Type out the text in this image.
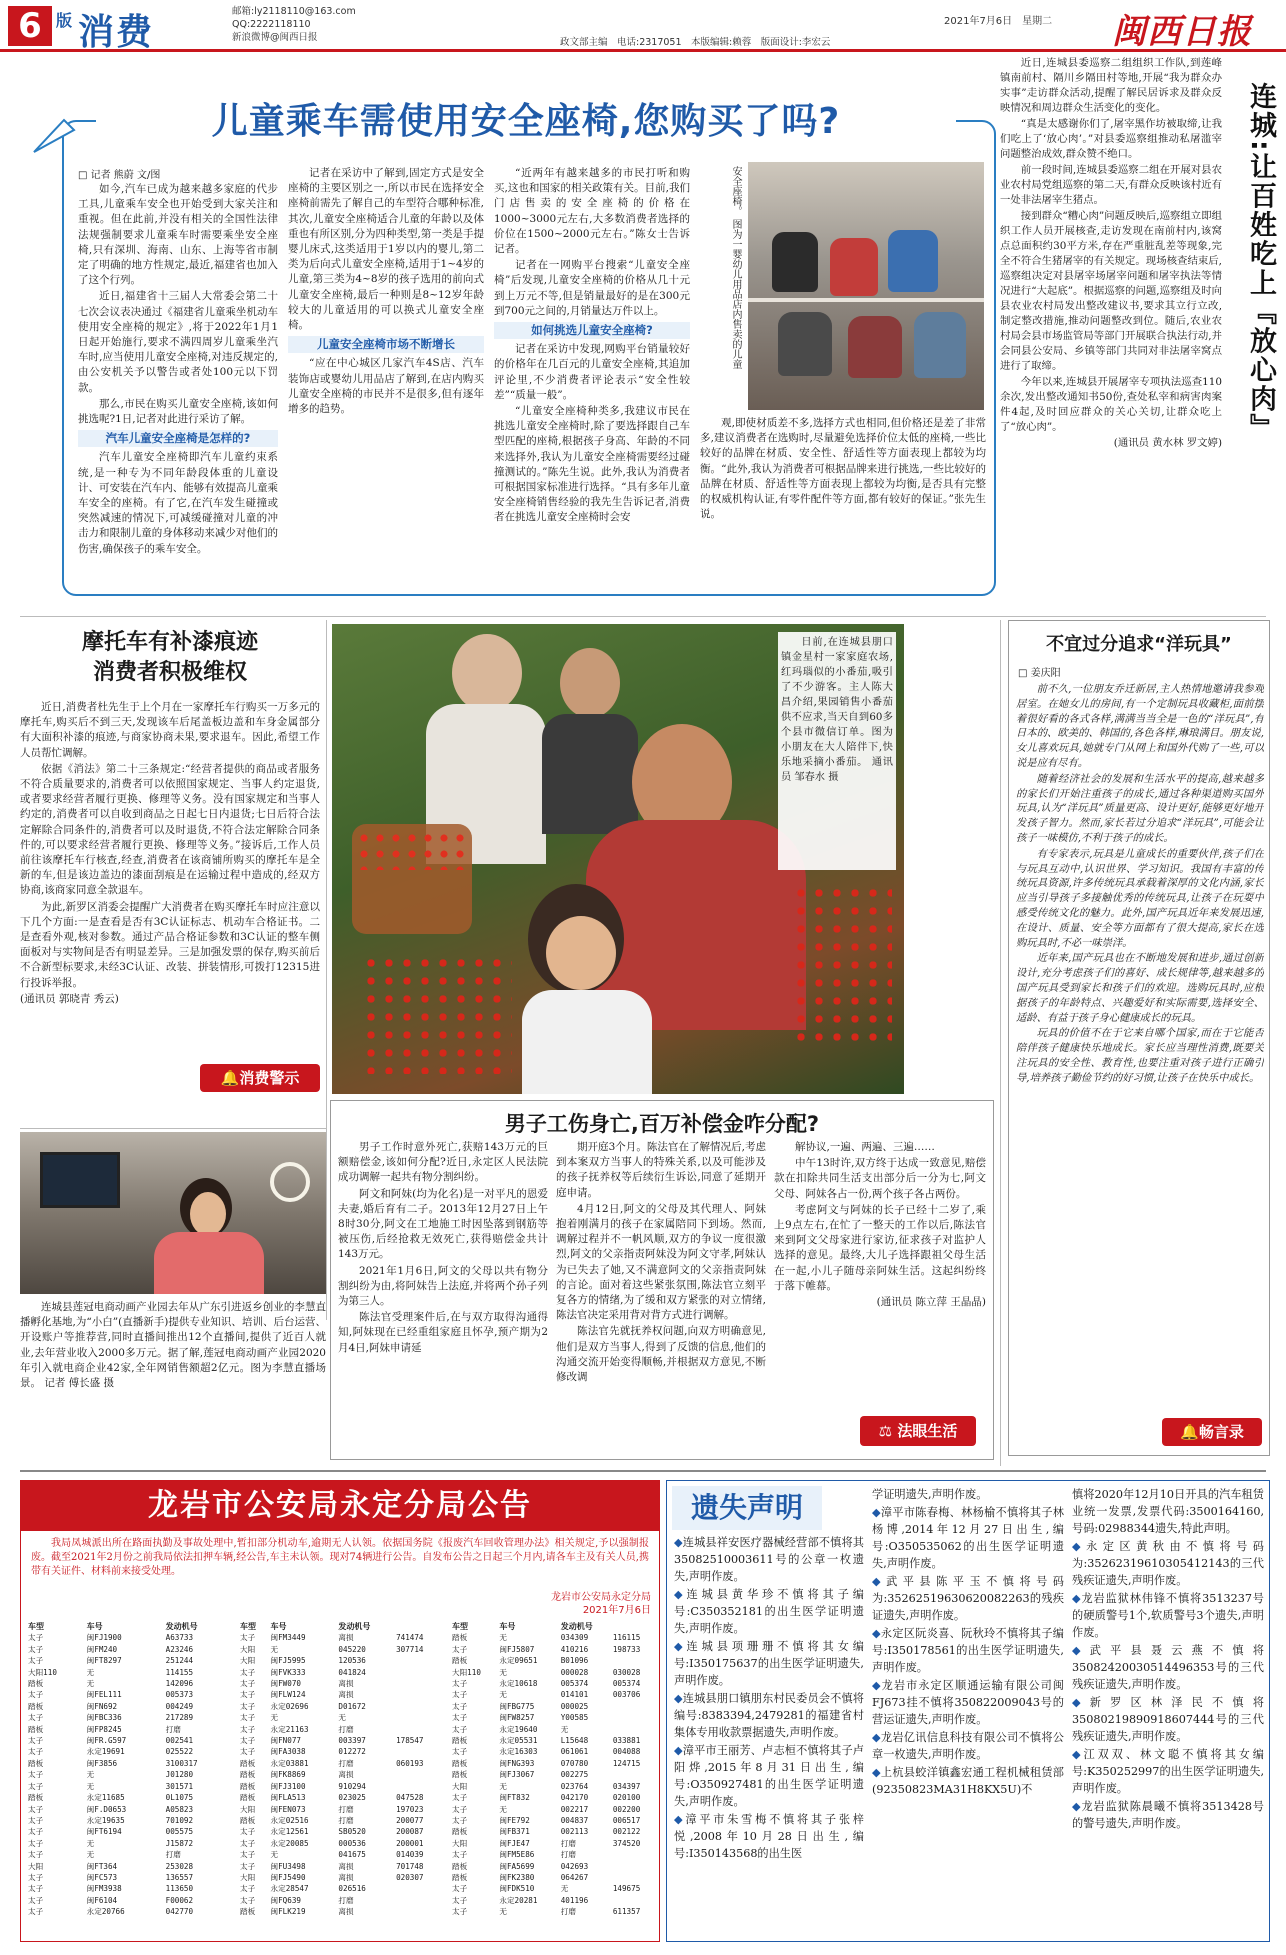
6 版 消费
邮箱:ly2118110@163.com
QQ:2222118110
新浪微博@闽西日报	政文部主编　电话:2317051　本版编辑:赖蓉　版面设计:李宏云
2021年7月6日　星期二 闽西日报
儿童乘车需使用安全座椅,您购买了吗?
□ 记者 熊蔚 文/图

如今,汽车已成为越来越多家庭的代步工具,儿童乘车安全也开始受到大家关注和重视。但在此前,并没有相关的全国性法律法规强制要求儿童乘车时需要乘坐安全座椅,只有深圳、海南、山东、上海等省市制定了明确的地方性规定,最近,福建省也加入了这个行列。

近日,福建省十三届人大常委会第二十七次会议表决通过《福建省儿童乘坐机动车使用安全座椅的规定》,将于2022年1月1日起开始施行,要求不满四周岁儿童乘坐汽车时,应当使用儿童安全座椅,对违反规定的,由公安机关予以警告或者处100元以下罚款。

那么,市民在购买儿童安全座椅,该如何挑选呢?1日,记者对此进行采访了解。

汽车儿童安全座椅是怎样的?

汽车儿童安全座椅即汽车儿童约束系统,是一种专为不同年龄段体重的儿童设计、可安装在汽车内、能够有效提高儿童乘车安全的座椅。有了它,在汽车发生碰撞或突然减速的情况下,可减缓碰撞对儿童的冲击力和限制儿童的身体移动来减少对他们的伤害,确保孩子的乘车安全。

记者在采访中了解到,固定方式是安全座椅的主要区别之一,所以市民在选择安全座椅前需先了解自己的车型符合哪种标准,其次,儿童安全座椅适合儿童的年龄以及体重也有所区别,分为四种类型,第一类是手提婴儿床式,这类适用于1岁以内的婴儿,第二类为后向式儿童安全座椅,适用于1~4岁的儿童,第三类为4~8岁的孩子选用的前向式儿童安全座椅,最后一种则是8~12岁年龄较大的儿童适用的可以换式儿童安全座椅。

儿童安全座椅市场不断增长

“应在中心城区几家汽车4S店、汽车装饰店或婴幼儿用品店了解到,在店内购买儿童安全座椅的市民并不是很多,但有逐年增多的趋势。

“近两年有越来越多的市民打听和购买,这也和国家的相关政策有关。目前,我们门店售卖的安全座椅的价格在1000~3000元左右,大多数消费者选择的价位在1500~2000元左右。”陈女士告诉记者。

记者在一网购平台搜索“儿童安全座椅”后发现,儿童安全座椅的价格从几十元到上万元不等,但是销量最好的是在300元到700元之间的,月销量达万件以上。

如何挑选儿童安全座椅?

记者在采访中发现,网购平台销量较好的价格年在几百元的儿童安全座椅,其追加评论里,不少消费者评论表示“安全性较差”“质量一般”。

“儿童安全座椅种类多,我建议市民在挑选儿童安全座椅时,除了要选择跟自己车型匹配的座椅,根据孩子身高、年龄的不同来选择外,我认为儿童安全座椅需要经过碰撞测试的。”陈先生说。此外,我认为消费者可根据国家标准进行选择。“具有多年儿童安全座椅销售经验的我先生告诉记者,消费者在挑选儿童安全座椅时会安

观,即使材质差不多,选择方式也相同,但价格还是差了非常多,建议消费者在选购时,尽量避免选择价位太低的座椅,一些比较好的品牌在材质、安全性、舒适性等方面表现上都较为均衡。“此外,我认为消费者可根据品牌来进行挑选,一些比较好的品牌在材质、舒适性等方面表现上都较为均衡,是否具有完整的权威机构认证,有零件配件等方面,都有较好的保证。”张先生说。

安全座椅。 图为一婴幼儿用品店内售卖的儿童

近日,连城县委巡察二组组织工作队,到莲峰镇南前村、隔川乡隔田村等地,开展“我为群众办实事”走访群众活动,提醒了解民居诉求及群众反映情况和周边群众生活变化的变化。

“真是太感谢你们了,屠宰黑作坊被取缔,让我们吃上了‘放心肉’。”对县委巡察组推动私屠滥宰问题整治成效,群众赞不绝口。

前一段时间,连城县委巡察二组在开展对县农业农村局党组巡察的第二天,有群众反映该村近有一处非法屠宰生猪点。

接到群众“糟心肉”问题反映后,巡察组立即组织工作人员开展核查,走访发现在南前村内,该窝点总面积约30平方米,存在严重脏乱差等现象,完全不符合生猪屠宰的有关规定。现场核查结束后,巡察组决定对县屠宰场屠宰问题和屠宰执法等情况进行“大起底”。根据巡察的问题,巡察组及时向县农业农村局发出整改建议书,要求其立行立改,制定整改措施,推动问题整改到位。随后,农业农村局会县市场监管局等部门开展联合执法行动,并会同县公安局、乡镇等部门共同对非法屠宰窝点进行了取缔。

今年以来,连城县开展屠宰专项执法巡查110余次,发出整改通知书50份,查处私宰和病害肉案件4起,及时回应群众的关心关切,让群众吃上了“放心肉”。

(通讯员 黄水林 罗文婷)
连城:让百姓吃上『放心肉』
摩托车有补漆痕迹
消费者积极维权

近日,消费者杜先生于上个月在一家摩托车行购买一万多元的摩托车,购买后不到三天,发现该车后尾盖板边盖和车身金属部分有大面积补漆的痕迹,与商家协商未果,要求退车。因此,希望工作人员帮忙调解。

依据《消法》第二十三条规定:“经营者提供的商品或者服务不符合质量要求的,消费者可以依照国家规定、当事人约定退货,或者要求经营者履行更换、修理等义务。没有国家规定和当事人约定的,消费者可以自收到商品之日起七日内退货;七日后符合法定解除合同条件的,消费者可以及时退货,不符合法定解除合同条件的,可以要求经营者履行更换、修理等义务。”接诉后,工作人员前往该摩托车行核查,经查,消费者在该商铺所购买的摩托车是全新的车,但是该边盖边的漆面刮痕是在运输过程中造成的,经双方协商,该商家同意全款退车。

为此,新罗区消委会提醒广大消费者在购买摩托车时应注意以下几个方面:一是查看是否有3C认证标志、机动车合格证书。二是查看外观,核对参数。通过产品合格证参数和3C认证的整车侧面板对与实物间是否有明显差异。三是加强发票的保存,购买前后不合新型标要求,未经3C认证、改装、拼装情形,可拨打12315进行投诉举报。

(通讯员 郭晓青 秀云)
🔔消费警示
日前,在连城县朋口镇金星村一家家庭农场,红玛瑙似的小番茄,吸引了不少游客。主人陈大昌介绍,果园销售小番茄供不应求,当天自到60多个县市微信订单。图为小朋友在大人陪伴下,快乐地采摘小番茄。 通讯员 邹春水 摄
不宜过分追求“洋玩具”
□ 姜庆阳

前不久,一位朋友乔迁新居,主人热情地邀请我参观居室。在她女儿的房间,有一个定制玩具收藏柜,面前摆着很好看的各式各样,满满当当全是一色的“洋玩具”,有日本的、欧美的、韩国的,各色各样,琳琅满目。朋友说,女儿喜欢玩具,她就专门从网上和国外代购了一些,可以说是应有尽有。

随着经济社会的发展和生活水平的提高,越来越多的家长们开始注重孩子的成长,通过各种渠道购买国外玩具,认为“洋玩具”质量更高、设计更好,能够更好地开发孩子智力。然而,家长若过分追求“洋玩具”,可能会让孩子一味模仿,不利于孩子的成长。

有专家表示,玩具是儿童成长的重要伙伴,孩子们在与玩具互动中,认识世界、学习知识。我国有丰富的传统玩具资源,许多传统玩具承载着深厚的文化内涵,家长应当引导孩子多接触优秀的传统玩具,让孩子在玩耍中感受传统文化的魅力。此外,国产玩具近年来发展迅速,在设计、质量、安全等方面都有了很大提高,家长在选购玩具时,不必一味崇洋。

近年来,国产玩具也在不断地发展和进步,通过创新设计,充分考虑孩子们的喜好、成长规律等,越来越多的国产玩具受到家长和孩子们的欢迎。选购玩具时,应根据孩子的年龄特点、兴趣爱好和实际需要,选择安全、适龄、有益于孩子身心健康成长的玩具。

玩具的价值不在于它来自哪个国家,而在于它能否陪伴孩子健康快乐地成长。家长应当理性消费,既要关注玩具的安全性、教育性,也要注重对孩子进行正确引导,培养孩子勤俭节约的好习惯,让孩子在快乐中成长。

🔔畅言录
连城县莲冠电商动画产业园去年从广东引进返乡创业的李慧直播孵化基地,为“小白”(直播新手)提供专业知识、培训、后台运营、开设账户等推荐营,同时直播间推出12个直播间,提供了近百人就业,去年营业收入2000多万元。据了解,莲冠电商动画产业园2020年引入就电商企业42家,全年网销售额超2亿元。图为李慧直播场景。 记者 傅长盛 摄
男子工伤身亡,百万补偿金咋分配?

男子工作时意外死亡,获赔143万元的巨额赔偿金,该如何分配?近日,永定区人民法院成功调解一起共有物分割纠纷。

阿文和阿妹(均为化名)是一对平凡的恩爱夫妻,婚后育有二子。2013年12月27日上午8时30分,阿文在工地施工时因坠落到钢筋等被压伤,后经抢救无效死亡,获得赔偿金共计143万元。

2021年1月6日,阿文的父母以共有物分割纠纷为由,将阿妹告上法庭,并将两个孙子列为第三人。

陈法官受理案件后,在与双方取得沟通得知,阿妹现在已经重组家庭且怀孕,预产期为2月4日,阿妹申请延

期开庭3个月。陈法官在了解情况后,考虑到本案双方当事人的特殊关系,以及可能涉及的孩子抚养权等后续衍生诉讼,同意了延期开庭申请。

4月12日,阿文的父母及其代理人、阿妹抱着刚满月的孩子在家属陪同下到场。然而,调解过程并不一帆风顺,双方的争议一度很激烈,阿文的父亲指责阿妹没为阿文守孝,阿妹认为已失去了她,又不满意阿文的父亲指责阿妹的言论。面对着这些紧张氛围,陈法官立刻平复各方的情绪,为了缓和双方紧张的对立情绪,陈法官决定采用背对背方式进行调解。

陈法官先就抚养权问题,向双方明确意见,他们是双方当事人,得到了反馈的信息,他们的沟通交流开始变得顺畅,并根据双方意见,不断修改调

解协议,一遍、两遍、三遍……

中午13时许,双方终于达成一致意见,赔偿款在扣除共同生活支出部分后一分为七,阿文父母、阿妹各占一份,两个孩子各占两份。

考虑阿文与阿妹的长子已经十二岁了,乘上9点左右,在忙了一整天的工作以后,陈法官来到阿文父母家进行家访,征求孩子对监护人选择的意见。最终,大儿子选择跟祖父母生活在一起,小儿子随母亲阿妹生活。这起纠纷终于落下帷幕。

(通讯员 陈立萍 王晶晶)
⚖ 法眼生活
龙岩市公安局永定分局公告
我局凤城派出所在路面执勤及事故处理中,暂扣部分机动车,逾期无人认领。依据国务院《报废汽车回收管理办法》相关规定,予以强制报废。截至2021年2月份之前我局依法扣押车辆,经公告,车主未认领。现对74辆进行公告。自发布公告之日起三个月内,请各车主及有关人员,携带有关证件、材料前来接受处理。
龙岩市公安局永定分局
2021年7月6日
车型	车号	发动机号	
太子	闽FJ1900	A63733	
太子	闽FM240	A23246	
太子	闽FT8297	251244	
大阳110	无	114155	
踏板	无	142096	
太子	闽FEL111	005373	
踏板	闽FN692	004249	
太子	闽FBC336	217289	
踏板	闽FP8245	打磨	
太子	闽FR.G597	002541	
太子	永定19691	025522	
踏板	闽F3856	3100317	
太子	无	J01280	
太子	无	301571	
踏板	永定11685	0L1075	
太子	闽F.D0653	A05823	
太子	永定19635	701092	
太子	闽FT6194	005575	
太子	无	J15872	
太子	无	打磨	
大阳	闽FT364	253028	
太子	闽FC573	136557	
太子	闽FM3938	113650	
太子	闽F6104	F00062	
太子	永定20766	042770	
车型	车号	发动机号	
太子	闽FM3449	离损	741474
大阳	无	045220	307714
大阳	闽FJ5995	120536	
太子	闽FVK333	041824	
太子	闽FW070	离损	
太子	闽FLW124	离损	
太子	永定02696	D01672	
太子	无	无	
太子	永定21163	打磨	
太子	闽FN077	003397	178547
太子	闽FA3038	012272	
踏板	永定03881	打磨	060193
踏板	闽FK8869	离损	
踏板	闽FJ3100	910294	
踏板	闽FLA513	023025	047528
大阳	闽FEN073	打磨	197023
踏板	永定02516	打磨	200077
太子	永定12561	SB0520	200087
太子	永定20085	000536	200001
太子	无	041675	014039
太子	闽FU3498	离损	701748
大阳	闽FJ5490	离损	020307
太子	永定28547	026516	
太子	闽FQ639	打磨	
踏板	闽FLK219	离损	
车型	车号	发动机号	
踏板	无	034309	116115
太子	闽FJ5807	410216	198733
踏板	永定09651	B01096	
大阳110	无	000028	030028
太子	永定10618	005374	005374
太子	无	014101	003706
太子	闽FBG775	000025	
太子	闽FW8257	Y00585	
太子	永定19640	无	
踏板	永定05531	L15648	033881
太子	永定16303	061061	004088
踏板	闽FNG393	070780	124715
踏板	闽FJ3067	002275	
大阳	无	023764	034397
太子	闽FT832	042170	020100
太子	无	002217	002200
太子	闽FE792	004837	006517
踏板	闽FB371	002113	002122
大阳	闽FJE47	打磨	374520
太子	闽FM5E86	打磨	
踏板	闽FA5699	042693	
踏板	闽FK2380	064267	
太子	闽FDK510	无	149675
太子	永定20281	401196	
太子	无	打磨	611357
遗失声明
◆连城县祥安医疗器械经营部不慎将其35082510003611号的公章一枚遗失,声明作废。
◆连城县黄华珍不慎将其子编号:C350352181的出生医学证明遗失,声明作废。
◆连城县项珊珊不慎将其女编号:I350175637的出生医学证明遗失,声明作废。
◆连城县朋口镇朋东村民委员会不慎将编号:8383394,2479281的福建省村集体专用收款票据遗失,声明作废。
◆漳平市王丽芳、卢志桓不慎将其子卢阳烨,2015年8月31日出生,编号:O350927481的出生医学证明遗失,声明作废。
◆漳平市朱雪梅不慎将其子张梓悦,2008年10月28日出生,编号:I350143568的出生医
学证明遗失,声明作废。
◆漳平市陈春梅、林杨榆不慎将其子林杨博,2014年12月27日出生,编号:O350535062的出生医学证明遗失,声明作废。
◆武平县陈平玉不慎将号码为:35262519630620082263的残疾证遗失,声明作废。
◆永定区阮炎喜、阮秋玲不慎将其子编号:I350178561的出生医学证明遗失,声明作废。
◆龙岩市永定区顺通运输有限公司闽FJ673挂不慎将350822009043号的营运证遗失,声明作废。
◆龙岩亿讯信息科技有限公司不慎将公章一枚遗失,声明作废。
◆上杭县蛟洋镇鑫宏通工程机械租赁部(92350823MA31H8KX5U)不
慎将2020年12月10日开具的汽车租赁业统一发票,发票代码:3500164160,号码:02988344遗失,特此声明。
◆永定区黄秋由不慎将号码为:35262319610305412143的三代残疾证遗失,声明作废。
◆龙岩监狱林伟锋不慎将3513237号的硬质警号1个,软质警号3个遗失,声明作废。
◆武平县聂云燕不慎将35082420030514496353号的三代残疾证遗失,声明作废。
◆新罗区林泽民不慎将35080219890918607444号的三代残疾证遗失,声明作废。
◆江双双、林文聪不慎将其女编号:K350252997的出生医学证明遗失,声明作废。
◆龙岩监狱陈晨曦不慎将3513428号的警号遗失,声明作废。
